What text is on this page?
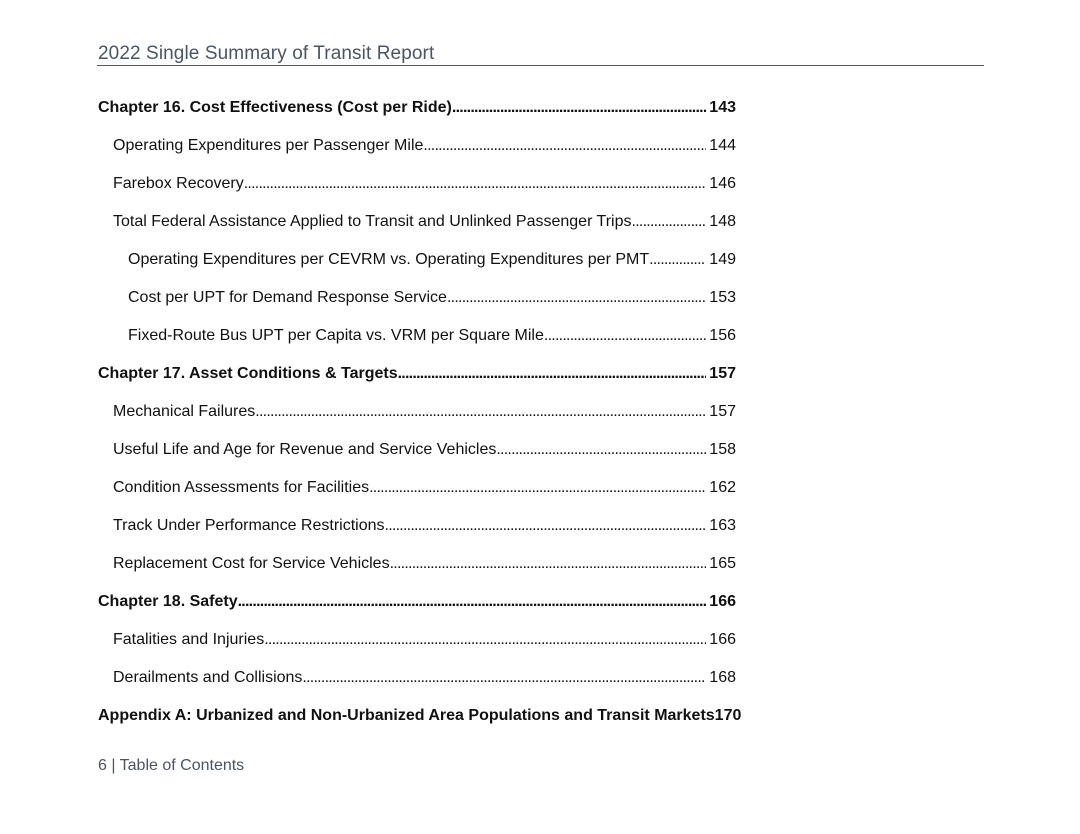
2022 Single Summary of Transit Report
Chapter 16. Cost Effectiveness (Cost per Ride) . . .	143
Operating Expenditures per Passenger Mile . . .	144
Farebox Recovery . . .	146
Total Federal Assistance Applied to Transit and Unlinked Passenger Trips . . .	148
Operating Expenditures per CEVRM vs. Operating Expenditures per PMT . . .	149
Cost per UPT for Demand Response Service . . .	153
Fixed-Route Bus UPT per Capita vs. VRM per Square Mile . . .	156
Chapter 17. Asset Conditions & Targets . . .	157
Mechanical Failures . . .	157
Useful Life and Age for Revenue and Service Vehicles . . .	158
Condition Assessments for Facilities . . .	162
Track Under Performance Restrictions . . .	163
Replacement Cost for Service Vehicles . . .	165
Chapter 18. Safety . . .	166
Fatalities and Injuries . . .	166
Derailments and Collisions . . .	168
Appendix A: Urbanized and Non-Urbanized Area Populations and Transit Markets170
6 | Table of Contents
